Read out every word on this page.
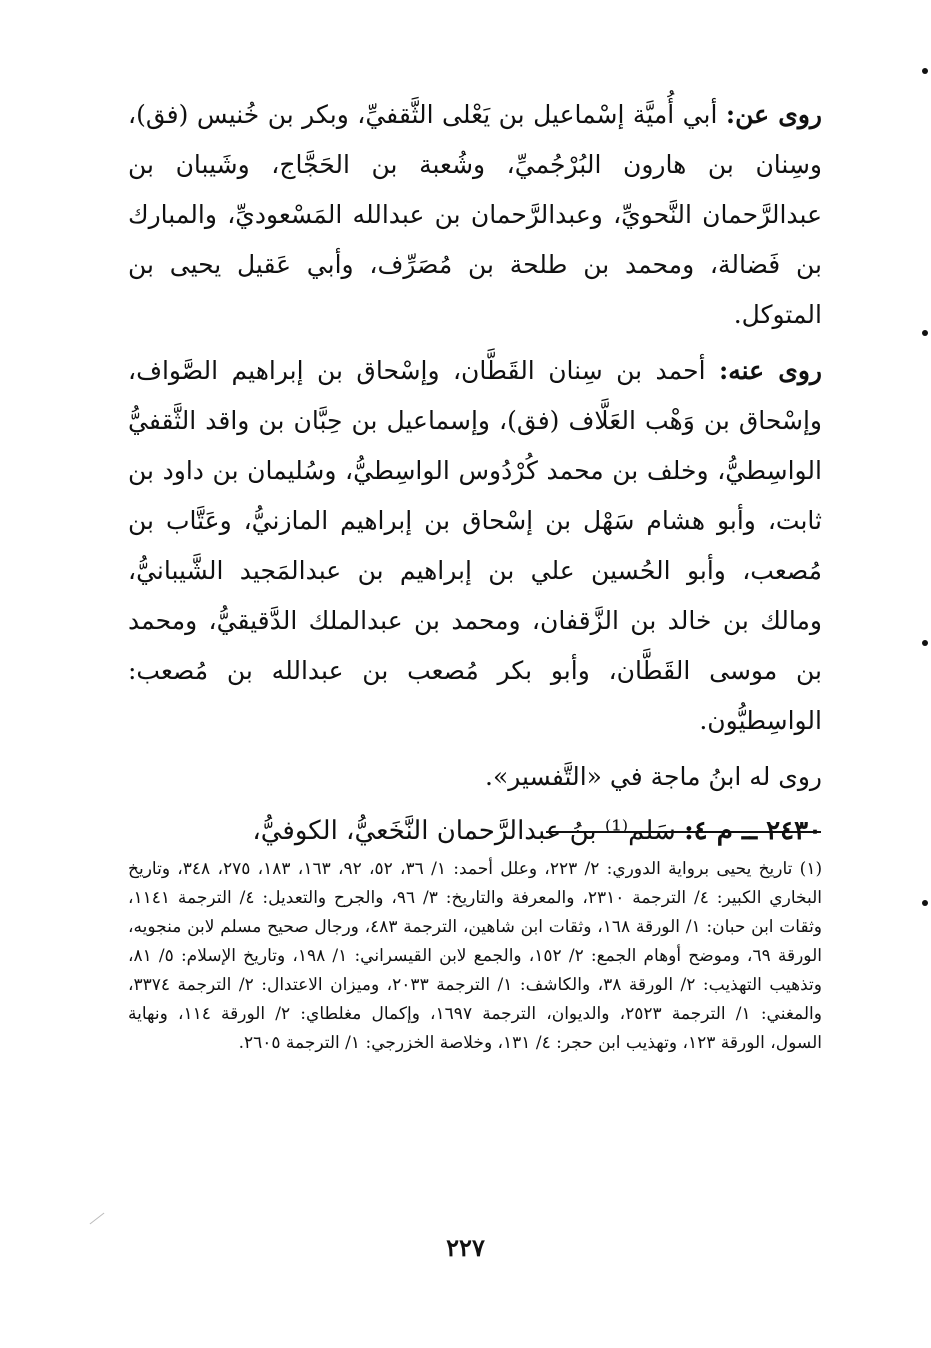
روى عن: أبي أُميَّة إسْماعيل بن يَعْلى الثَّقفيِّ، وبكر بن خُنيس (فق)، وسِنان بن هارون البُرْجُميِّ، وشُعبة بن الحَجَّاج، وشَيبان بن عبدالرَّحمان النَّحويِّ، وعبدالرَّحمان بن عبدالله المَسْعوديِّ، والمبارك بن فَضالة، ومحمد بن طلحة بن مُصَرِّف، وأبي عَقيل يحيى بن المتوكل.

روى عنه: أحمد بن سِنان القَطَّان، وإسْحاق بن إبراهيم الصَّواف، وإسْحاق بن وَهْب العَلَّاف (فق)، وإسماعيل بن حِبَّان بن واقد الثَّقفيُّ الواسِطيُّ، وخلف بن محمد كُرْدُوس الواسِطيُّ، وسُليمان بن داود بن ثابت، وأبو هشام سَهْل بن إسْحاق بن إبراهيم المازنيُّ، وعَتَّاب بن مُصعب، وأبو الحُسين علي بن إبراهيم بن عبدالمَجيد الشَّيبانيُّ، ومالك بن خالد بن الزَّقفان، ومحمد بن عبدالملك الدَّقيقيُّ، ومحمد بن موسى القَطَّان، وأبو بكر مُصعب بن عبدالله بن مُصعب: الواسِطيُّون.

روى له ابنُ ماجة في «التَّفسير».

٢٤٣٠ ــ م ٤: سَلم⁽¹⁾ بنُ عبدالرَّحمان النَّخَعيُّ، الكوفيُّ،

(١) تاريخ يحيى برواية الدوري: ٢/ ٢٢٣، وعلل أحمد: ١/ ٣٦، ٥٢، ٩٢، ١٦٣، ١٨٣، ٢٧٥، ٣٤٨، وتاريخ البخاري الكبير: ٤/ الترجمة ٢٣١٠، والمعرفة والتاريخ: ٣/ ٩٦، والجرح والتعديل: ٤/ الترجمة ١١٤١، وثقات ابن حبان: ١/ الورقة ١٦٨، وثقات ابن شاهين، الترجمة ٤٨٣، ورجال صحيح مسلم لابن منجويه، الورقة ٦٩، وموضح أوهام الجمع: ٢/ ١٥٢، والجمع لابن القيسراني: ١/ ١٩٨، وتاريخ الإسلام: ٥/ ٨١، وتذهيب التهذيب: ٢/ الورقة ٣٨، والكاشف: ١/ الترجمة ٢٠٣٣، وميزان الاعتدال: ٢/ الترجمة ٣٣٧٤، والمغني: ١/ الترجمة ٢٥٢٣، والديوان، الترجمة ١٦٩٧، وإكمال مغلطاي: ٢/ الورقة ١١٤، ونهاية السول، الورقة ١٢٣، وتهذيب ابن حجر: ٤/ ١٣١، وخلاصة الخزرجي: ١/ الترجمة ٢٦٠٥.

٢٢٧
